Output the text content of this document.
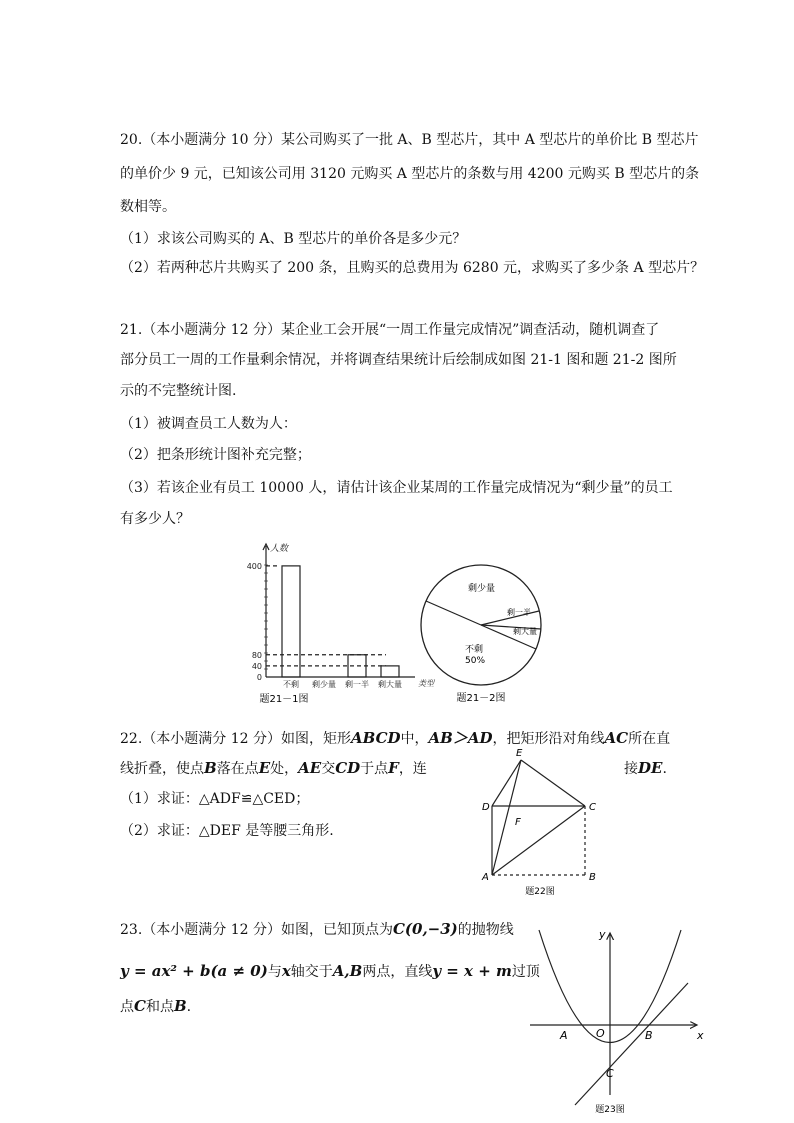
20.（本小题满分 10 分）某公司购买了一批 A、B 型芯片，其中 A 型芯片的单价比 B 型芯片
的单价少 9 元，已知该公司用 3120 元购买 A 型芯片的条数与用 4200 元购买 B 型芯片的条
数相等。
（1）求该公司购买的 A、B 型芯片的单价各是多少元？
（2）若两种芯片共购买了 200 条，且购买的总费用为 6280 元，求购买了多少条 A 型芯片？
21.（本小题满分 12 分）某企业工会开展“一周工作量完成情况”调查活动，随机调查了
部分员工一周的工作量剩余情况，并将调查结果统计后绘制成如图 21-1 图和题 21-2 图所
示的不完整统计图.
（1）被调查员工人数为人：
（2）把条形统计图补充完整；
（3）若该企业有员工 10000 人，请估计该企业某周的工作量完成情况为“剩少量”的员工
有多少人？
题21－1图
人数
类型
400
80
40
0
不剩 剩少量 剩一半 剩大量
剩少量
剩一半
剩大量
不剩
50%
题21－2图
22.（本小题满分 12 分）如图，矩形ABCD中，AB＞AD，把矩形沿对角线AC所在直
线折叠，使点B落在点E处，AE交CD于点F，连	接DE.
（1）求证：△ADF≌△CED；
（2）求证：△DEF 是等腰三角形.
E
D	C
F
A	B
题22图
23.（本小题满分 12 分）如图，已知顶点为C(0,−3)的抛物线
y = ax² + b(a ≠ 0)与x轴交于A,B两点，直线y = x + m过顶
点C和点B.
y
x
O
A	B
C
题23图
